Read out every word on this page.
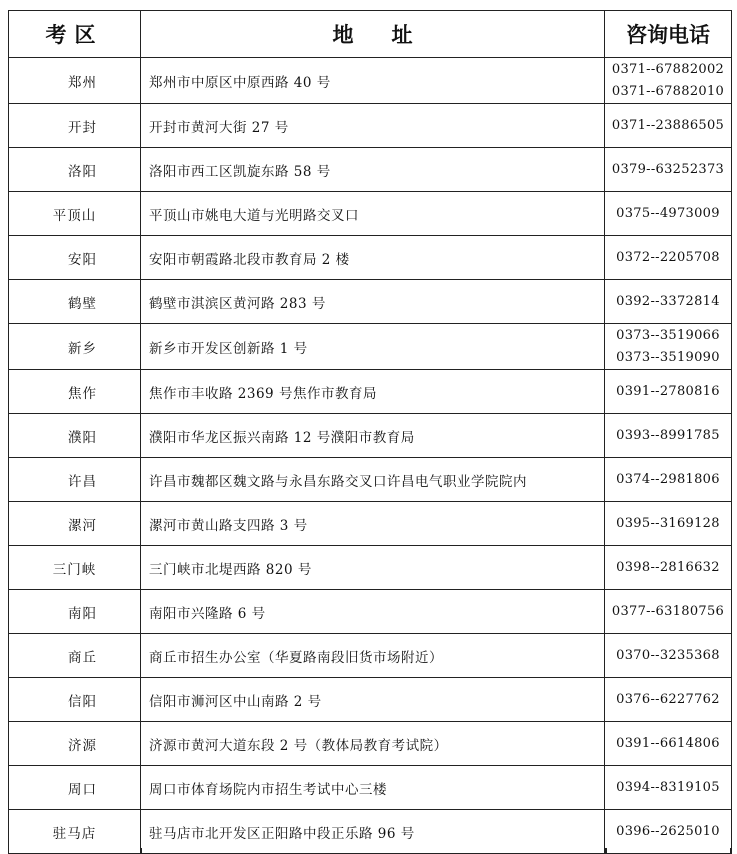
考区	地址	咨询电话
郑州	郑州市中原区中原西路 40 号	0371--67882002
0371--67882010

开封	开封市黄河大街 27 号	0371--23886505

洛阳	洛阳市西工区凯旋东路 58 号	0379--63252373

平顶山	平顶山市姚电大道与光明路交叉口	0375--4973009

安阳	安阳市朝霞路北段市教育局 2 楼	0372--2205708

鹤壁	鹤壁市淇滨区黄河路 283 号	0392--3372814

新乡	新乡市开发区创新路 1 号	0373--3519066
0373--3519090

焦作	焦作市丰收路 2369 号焦作市教育局	0391--2780816

濮阳	濮阳市华龙区振兴南路 12 号濮阳市教育局	0393--8991785

许昌	许昌市魏都区魏文路与永昌东路交叉口许昌电气职业学院院内	0374--2981806

漯河	漯河市黄山路支四路 3 号	0395--3169128

三门峡	三门峡市北堤西路 820 号	0398--2816632

南阳	南阳市兴隆路 6 号	0377--63180756

商丘	商丘市招生办公室（华夏路南段旧货市场附近）	0370--3235368

信阳	信阳市浉河区中山南路 2 号	0376--6227762

济源	济源市黄河大道东段 2 号（教体局教育考试院）	0391--6614806

周口	周口市体育场院内市招生考试中心三楼	0394--8319105

驻马店	驻马店市北开发区正阳路中段正乐路 96 号	0396--2625010
